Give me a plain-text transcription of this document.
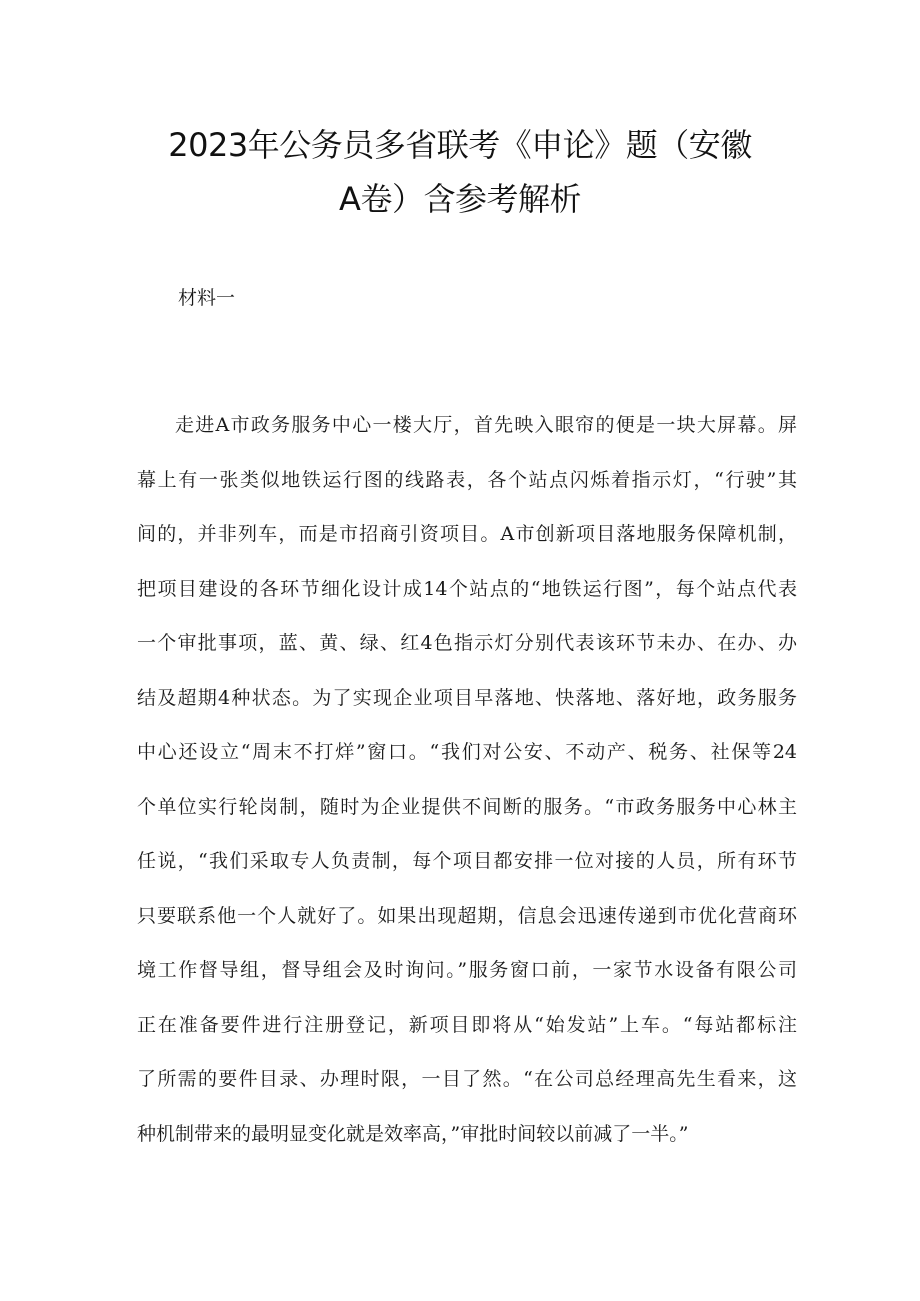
2023年公务员多省联考《申论》题（安徽
A卷）含参考解析

材料一

走进A市政务服务中心一楼大厅，首先映入眼帘的便是一块大屏幕。屏
幕上有一张类似地铁运行图的线路表，各个站点闪烁着指示灯，“行驶”其
间的，并非列车，而是市招商引资项目。A市创新项目落地服务保障机制，
把项目建设的各环节细化设计成14个站点的“地铁运行图”，每个站点代表
一个审批事项，蓝、黄、绿、红4色指示灯分别代表该环节未办、在办、办
结及超期4种状态。为了实现企业项目早落地、快落地、落好地，政务服务
中心还设立“周末不打烊”窗口。“我们对公安、不动产、税务、社保等24
个单位实行轮岗制，随时为企业提供不间断的服务。“市政务服务中心林主
任说，“我们采取专人负责制，每个项目都安排一位对接的人员，所有环节
只要联系他一个人就好了。如果出现超期，信息会迅速传递到市优化营商环
境工作督导组，督导组会及时询问。”服务窗口前，一家节水设备有限公司
正在准备要件进行注册登记，新项目即将从“始发站”上车。“每站都标注
了所需的要件目录、办理时限，一目了然。“在公司总经理高先生看来，这
种机制带来的最明显变化就是效率高，”审批时间较以前减了一半。”
